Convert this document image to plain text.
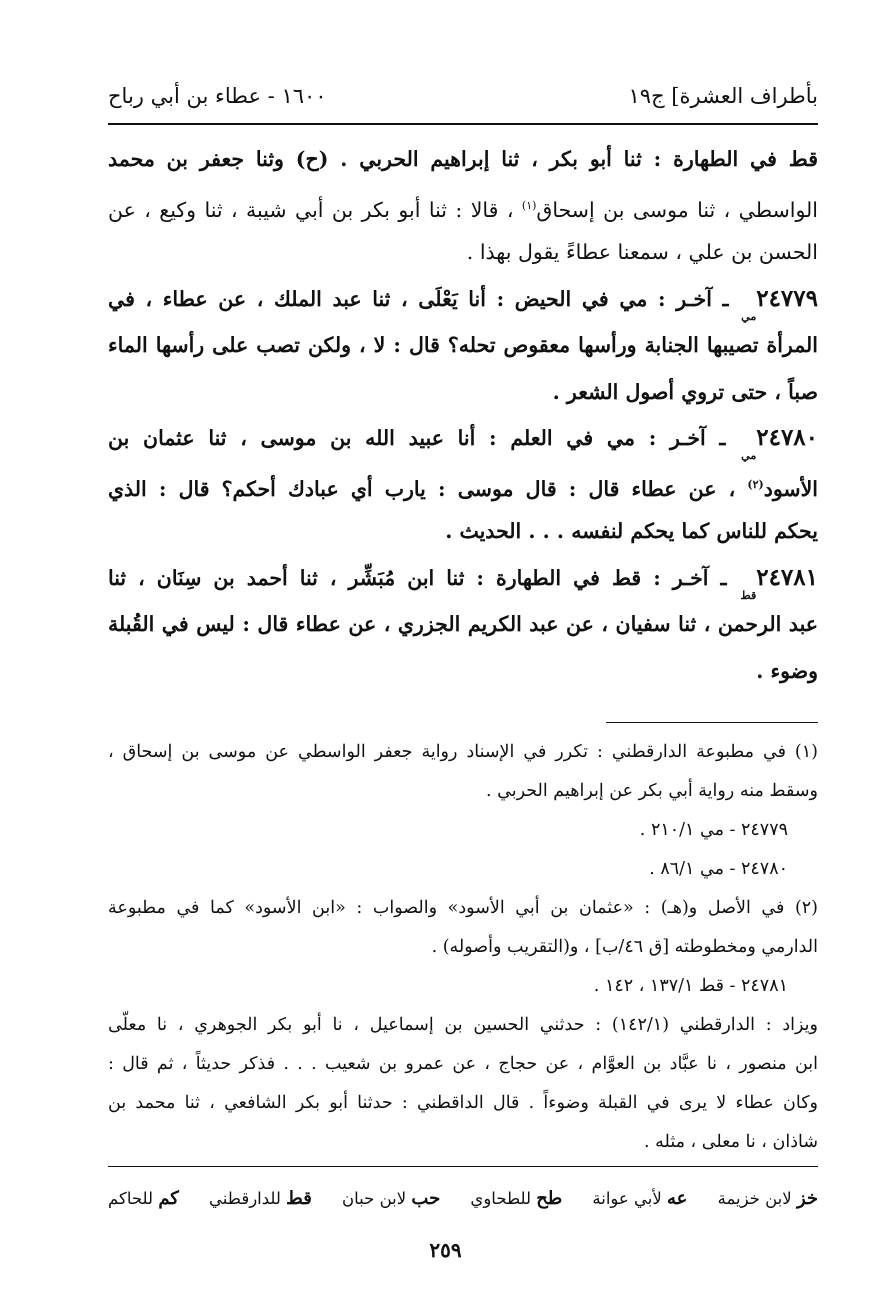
بأطراف العشرة] ج١٩
١٦٠٠ - عطاء بن أبي رباح
قط في الطهارة : ثنا أبو بكر ، ثنا إبراهيم الحربي . (ح) وثنا جعفر بن محمد
الواسطي ، ثنا موسى بن إسحاق$^{(١)}$ ، قالا : ثنا أبو بكر بن أبي شيبة ، ثنا وكيع ، عن
الحسن بن علي ، سمعنا عطاءً يقول بهذا .
$٢٤٧٧٩_{مي}$ ـ آخـر : مي في الحيض : أنا يَعْلَى ، ثنا عبد الملك ، عن عطاء ، في
المرأة تصيبها الجنابة ورأسها معقوص تحله؟ قال : لا ، ولكن تصب على رأسها الماء
صباً ، حتى تروي أصول الشعر .
$٢٤٧٨٠_{مي}$ ـ آخـر : مي في العلم : أنا عبيد الله بن موسى ، ثنا عثمان بن
الأسود$^{(٢)}$ ، عن عطاء قال : قال موسى : يارب أي عبادك أحكم؟ قال : الذي
يحكم للناس كما يحكم لنفسه . . . الحديث .
$٢٤٧٨١_{قط}$ ـ آخـر : قط في الطهارة : ثنا ابن مُبَشِّر ، ثنا أحمد بن سِنَان ، ثنا
عبد الرحمن ، ثنا سفيان ، عن عبد الكريم الجزري ، عن عطاء قال : ليس في القُبلة
وضوء .
(١) في مطبوعة الدارقطني : تكرر في الإسناد رواية جعفر الواسطي عن موسى بن إسحاق ،
وسقط منه رواية أبي بكر عن إبراهيم الحربي .
٢٤٧٧٩ - مي ٢١٠/١ .
٢٤٧٨٠ - مي ٨٦/١ .
(٢) في الأصل و(هـ) : «عثمان بن أبي الأسود» والصواب : «ابن الأسود» كما في مطبوعة
الدارمي ومخطوطته [ق ٤٦/ب] ، و(التقريب وأصوله) .
٢٤٧٨١ - قط ١٣٧/١ ، ١٤٢ .
ويزاد : الدارقطني (١٤٢/١) : حدثني الحسين بن إسماعيل ، نا أبو بكر الجوهري ، نا معلّى
ابن منصور ، نا عبَّاد بن العوَّام ، عن حجاج ، عن عمرو بن شعيب . . . فذكر حديثاً ، ثم قال :
وكان عطاء لا يرى في القبلة وضوءاً . قال الداقطني : حدثنا أبو بكر الشافعي ، ثنا محمد بن
شاذان ، نا معلى ، مثله .
خز لابن خزيمة
عه لأبي عوانة
طح للطحاوي
حب لابن حبان
قط للدارقطني
كم للحاكم
٢٥٩
